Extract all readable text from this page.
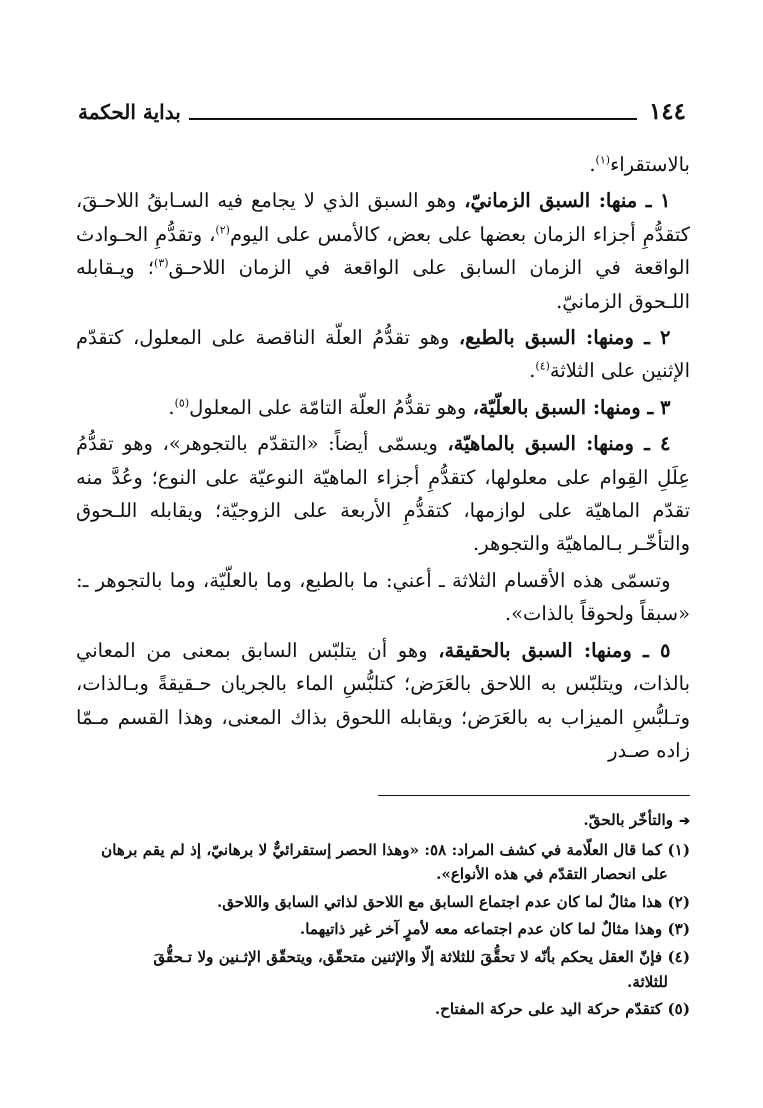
١٤٤
بداية الحكمة

بالاستقراء$^{(١)}$.

 ١ ـ منها: السبق الزمانيّ، وهو السبق الذي لا يجامع فيه السـابقُ اللاحـقَ، كتقدُّمِ أجزاء الزمان بعضها على بعض، كالأمس على اليوم$^{(٢)}$، وتقدُّمِ الحـوادث الواقعة في الزمان السابق على الواقعة في الزمان اللاحـق$^{(٣)}$؛ ويـقابله اللـحوق الزمانيّ.

 ٢ ـ ومنها: السبق بالطبع، وهو تقدُّمُ العلّة الناقصة على المعلول، كتقدّم الإثنين على الثلاثة$^{(٤)}$.

 ٣ ـ ومنها: السبق بالعلّيّة، وهو تقدُّمُ العلّة التامّة على المعلول$^{(٥)}$.

 ٤ ـ ومنها: السبق بالماهيّة، ويسمّى أيضاً: «التقدّم بالتجوهر»، وهو تقدُّمُ عِلَلِ القِوام على معلولها، كتقدُّمِ أجزاء الماهيّة النوعيّة على النوع؛ وعُدَّ منه تقدّم الماهيّة على لوازمها، كتقدُّمِ الأربعة على الزوجيّة؛ ويقابله اللـحوق والتأخّـر بـالماهيّة والتجوهر.

 وتسمّى هذه الأقسام الثلاثة ـ أعني: ما بالطبع، وما بالعلّيّة، وما بالتجوهر ـ: «سبقاً ولحوقاً بالذات».

 ٥ ـ ومنها: السبق بالحقيقة، وهو أن يتلبّس السابق بمعنى من المعاني بالذات، ويتلبّس به اللاحق بالعَرَض؛ كتلبُّسِ الماء بالجريان حـقيقةً وبـالذات، وتـلبُّسِ الميزاب به بالعَرَض؛ ويقابله اللحوق بذاك المعنى، وهذا القسم مـمّا زاده صـدر

➔والتأخّر بالحقّ.

(١) كما قال العلّامة في كشف المراد: ٥٨: «وهذا الحصر إستقرائيٌّ لا برهانيّ، إذ لم يقم برهان
على انحصار التقدّم في هذه الأنواع».

(٢) هذا مثالٌ لما كان عدم اجتماع السابق مع اللاحق لذاتي السابق واللاحق.

(٣) وهذا مثالٌ لما كان عدم اجتماعه معه لأمرٍ آخر غير ذاتيهما.

(٤) فإنّ العقل يحكم بأنّه لا تحقُّقَ للثلاثة إلّا والإثنين متحقّق، ويتحقّق الإثـنين ولا تـحقُّقَ
للثلاثة.

(٥) كتقدّم حركة اليد على حركة المفتاح.
